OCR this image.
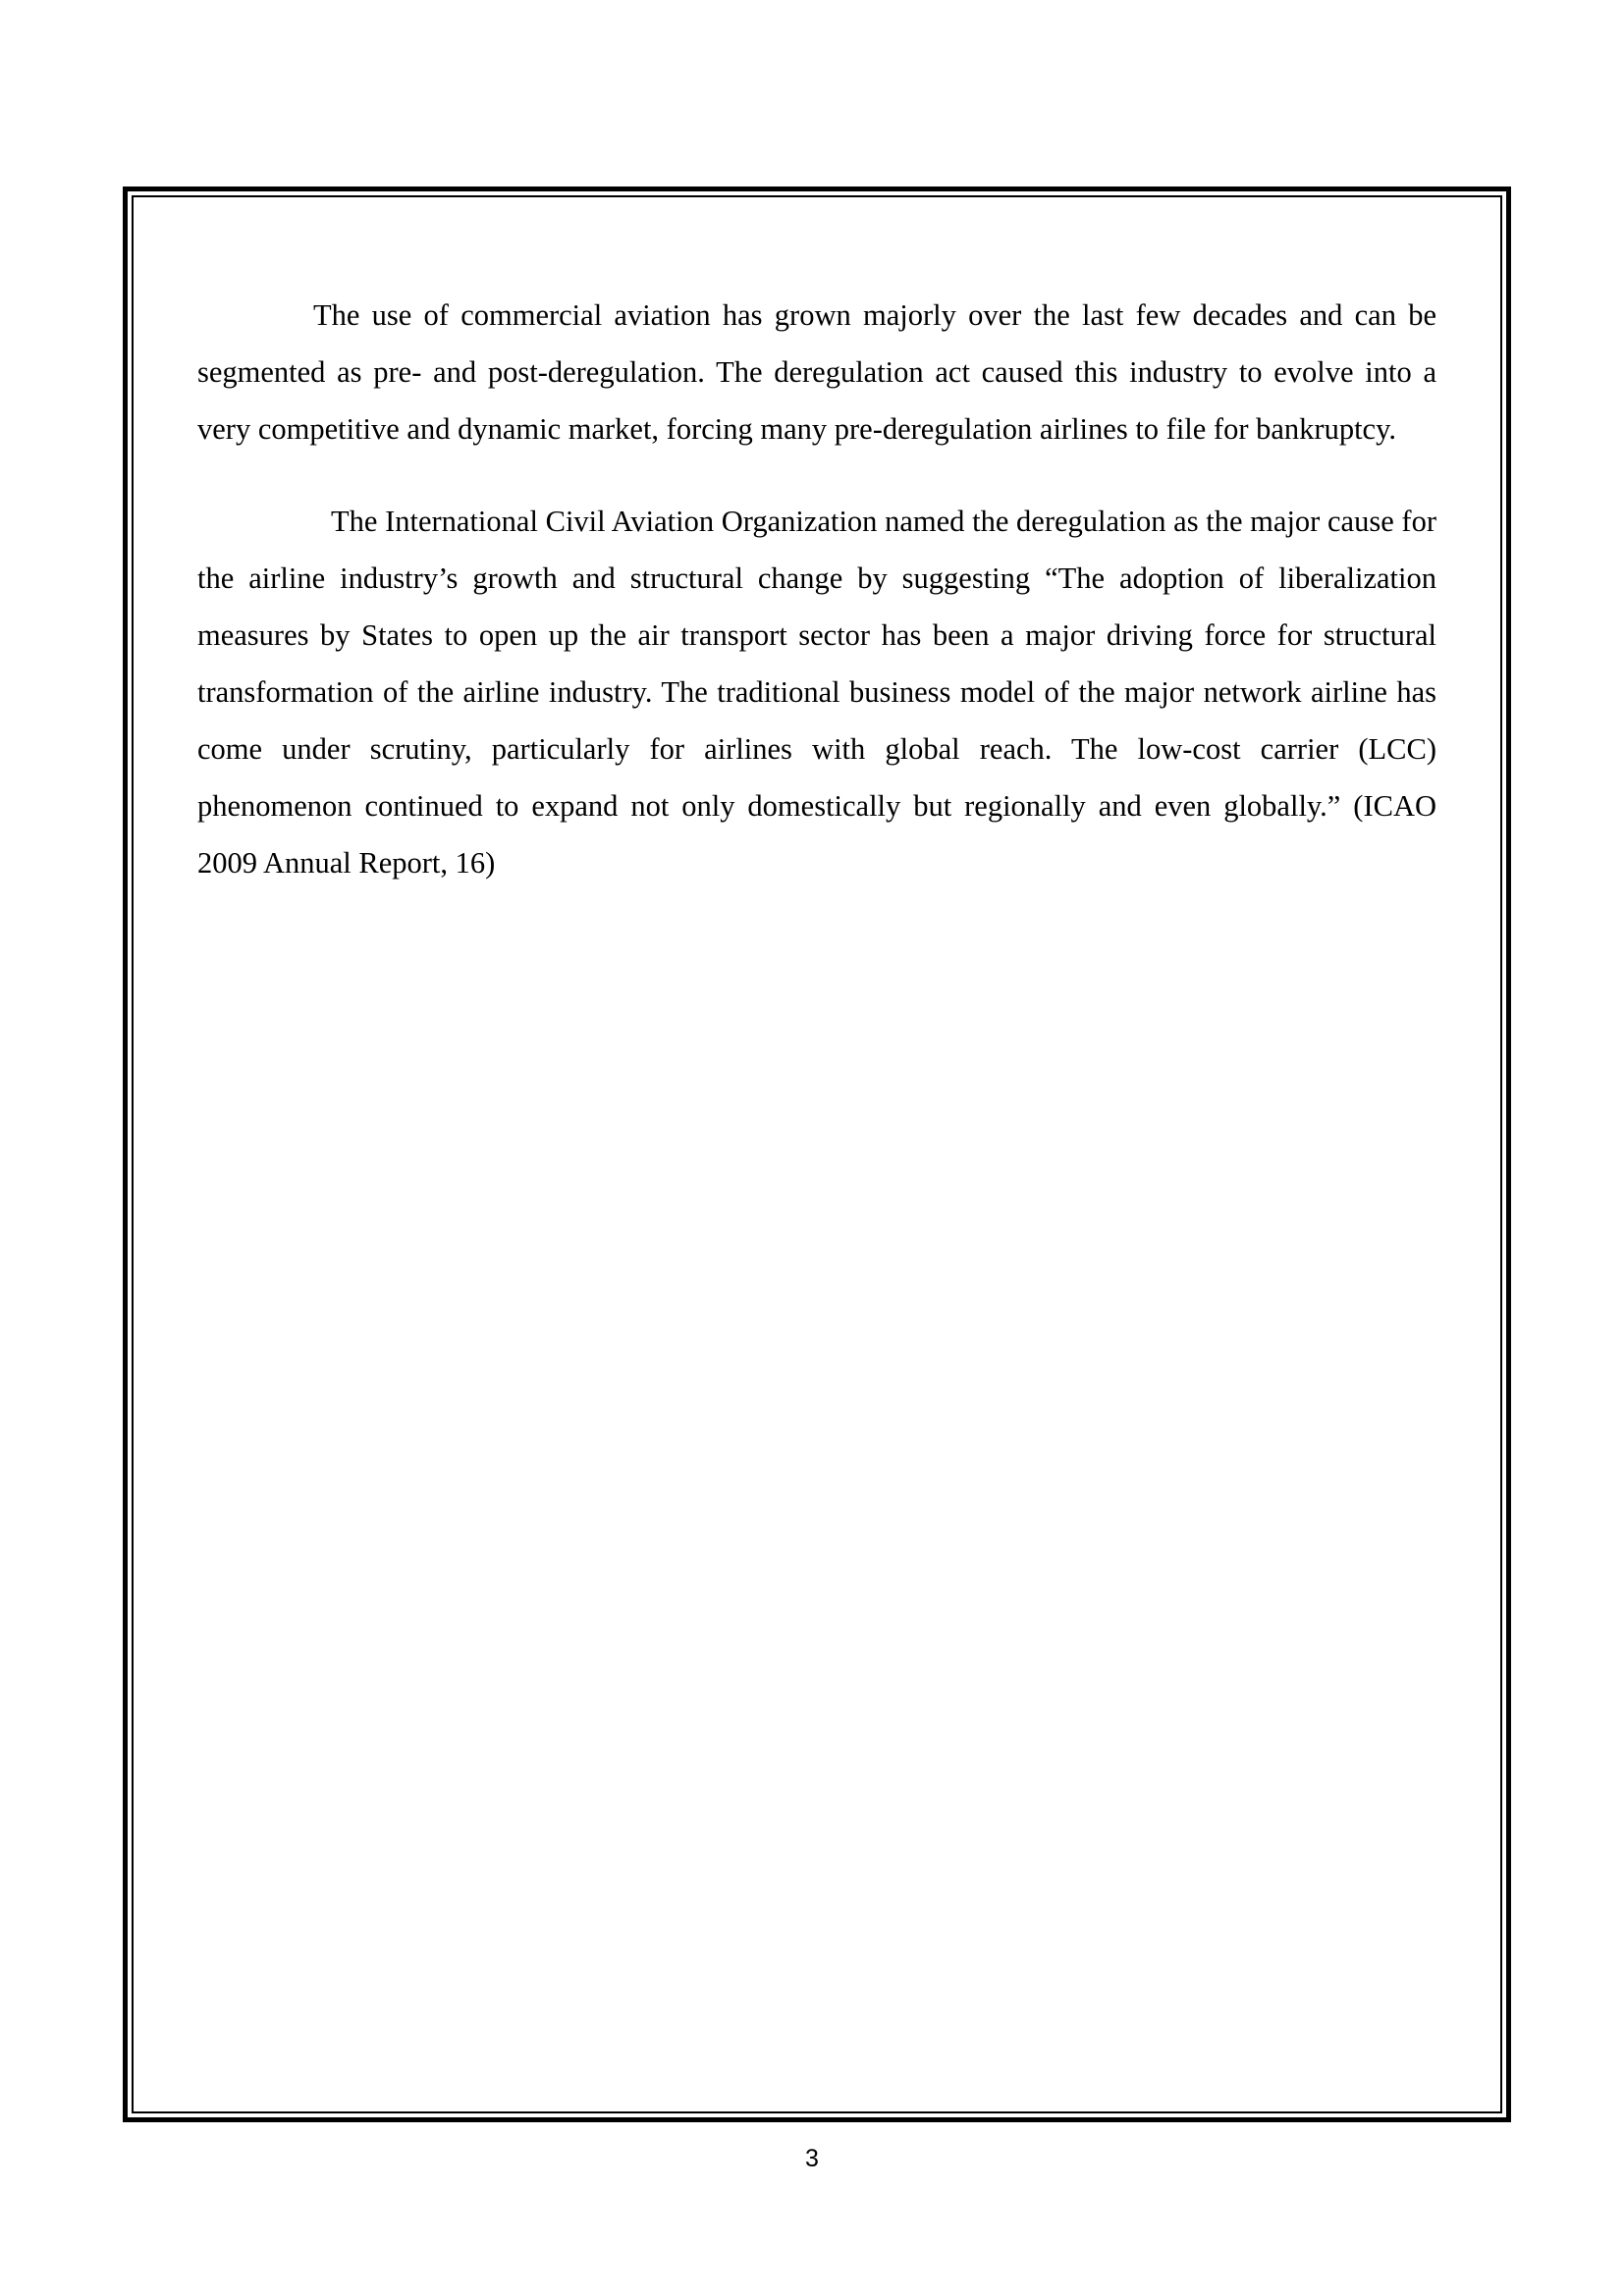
The use of commercial aviation has grown majorly over the last few decades and can be segmented as pre- and post-deregulation. The deregulation act caused this industry to evolve into a very competitive and dynamic market, forcing many pre-deregulation airlines to file for bankruptcy.

The International Civil Aviation Organization named the deregulation as the major cause for the airline industry’s growth and structural change by suggesting “The adoption of liberalization measures by States to open up the air transport sector has been a major driving force for structural transformation of the airline industry. The traditional business model of the major network airline has come under scrutiny, particularly for airlines with global reach. The low-cost carrier (LCC) phenomenon continued to expand not only domestically but regionally and even globally.” (ICAO 2009 Annual Report, 16)

3
